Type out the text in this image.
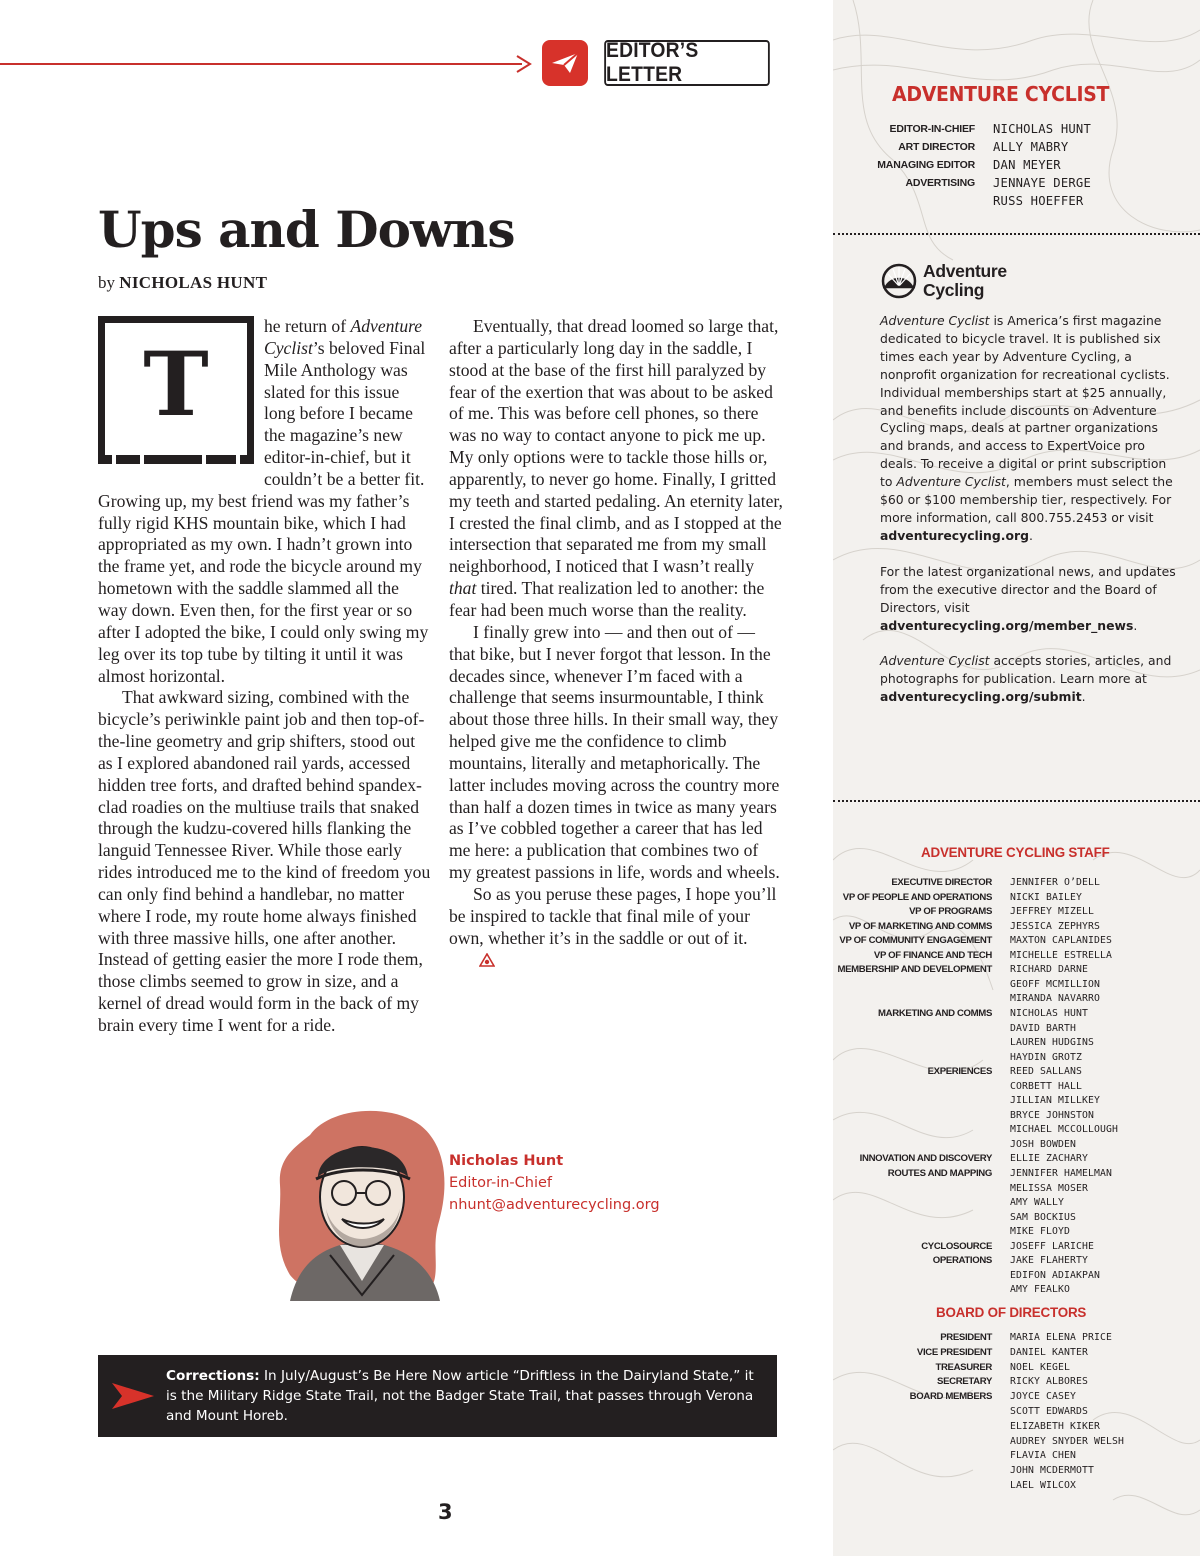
EDITOR’S LETTER
Ups and Downs
by NICHOLAS HUNT
T

he return of Adventure Cyclist’s beloved Final Mile Anthology was slated for this issue long before I became the magazine’s new editor-in-chief, but it couldn’t be a better fit. Growing up, my best friend was my father’s fully rigid KHS mountain bike, which I had appropriated as my own. I hadn’t grown into the frame yet, and rode the bicycle around my hometown with the saddle slammed all the way down. Even then, for the first year or so after I adopted the bike, I could only swing my leg over its top tube by tilting it until it was almost horizontal.

That awkward sizing, combined with the bicycle’s periwinkle paint job and then top-of-the-line geometry and grip shifters, stood out as I explored abandoned rail yards, accessed hidden tree forts, and drafted behind spandex-clad roadies on the multiuse trails that snaked through the kudzu-covered hills flanking the languid Tennessee River. While those early rides introduced me to the kind of freedom you can only find behind a handlebar, no matter where I rode, my route home always finished with three massive hills, one after another. Instead of getting easier the more I rode them, those climbs seemed to grow in size, and a kernel of dread would form in the back of my brain every time I went for a ride.

Eventually, that dread loomed so large that, after a particularly long day in the saddle, I stood at the base of the first hill paralyzed by fear of the exertion that was about to be asked of me. This was before cell phones, so there was no way to contact anyone to pick me up. My only options were to tackle those hills or, apparently, to never go home. Finally, I gritted my teeth and started pedaling. An eternity later, I crested the final climb, and as I stopped at the intersection that separated me from my small neighborhood, I noticed that I wasn’t really that tired. That realization led to another: the fear had been much worse than the reality.

I finally grew into — and then out of — that bike, but I never forgot that lesson. In the decades since, whenever I’m faced with a challenge that seems insurmountable, I think about those three hills. In their small way, they helped give me the confidence to climb mountains, literally and metaphorically. The latter includes moving across the country more than half a dozen times in twice as many years as I’ve cobbled together a career that has led me here: a publication that combines two of my greatest passions in life, words and wheels.

So as you peruse these pages, I hope you’ll be inspired to tackle that final mile of your own, whether it’s in the saddle or out of it.

Nicholas Hunt
Editor-in-Chief
nhunt@adventurecycling.org
Corrections: In July/August’s Be Here Now article “Driftless in the Dairyland State,” it is the Military Ridge State Trail, not the Badger State Trail, that passes through Verona and Mount Horeb.
3
ADVENTURE CYCLIST
EDITOR-IN-CHIEF NICHOLAS HUNT
ART DIRECTOR ALLY MABRY
MANAGING EDITOR DAN MEYER
ADVERTISING JENNAYE DERGE
RUSS HOEFFER
Adventure
Cycling

Adventure Cyclist is America’s first magazine dedicated to bicycle travel. It is published six times each year by Adventure Cycling, a nonprofit organization for recreational cyclists. Individual memberships start at $25 annually, and benefits include discounts on Adventure Cycling maps, deals at partner organizations and brands, and access to ExpertVoice pro deals. To receive a digital or print subscription to Adventure Cyclist, members must select the $60 or $100 membership tier, respectively. For more information, call 800.755.2453 or visit adventurecycling.org.

For the latest organizational news, and updates from the executive director and the Board of Directors, visit adventurecycling.org/member_news.

Adventure Cyclist accepts stories, articles, and photographs for publication. Learn more at adventurecycling.org/submit.

ADVENTURE CYCLING STAFF
EXECUTIVE DIRECTOR JENNIFER O’DELL
VP OF PEOPLE AND OPERATIONS NICKI BAILEY
VP OF PROGRAMS JEFFREY MIZELL
VP OF MARKETING AND COMMS JESSICA ZEPHYRS
VP OF COMMUNITY ENGAGEMENT MAXTON CAPLANIDES
VP OF FINANCE AND TECH MICHELLE ESTRELLA
MEMBERSHIP AND DEVELOPMENT RICHARD DARNE
GEOFF MCMILLION
MIRANDA NAVARRO
MARKETING AND COMMS NICHOLAS HUNT
DAVID BARTH
LAUREN HUDGINS
HAYDIN GROTZ
EXPERIENCES REED SALLANS
CORBETT HALL
JILLIAN MILLKEY
BRYCE JOHNSTON
MICHAEL MCCOLLOUGH
JOSH BOWDEN
INNOVATION AND DISCOVERY ELLIE ZACHARY
ROUTES AND MAPPING JENNIFER HAMELMAN
MELISSA MOSER
AMY WALLY
SAM BOCKIUS
MIKE FLOYD
CYCLOSOURCE JOSEFF LARICHE
OPERATIONS JAKE FLAHERTY
EDIFON ADIAKPAN
AMY FEALKO
BOARD OF DIRECTORS
PRESIDENT MARIA ELENA PRICE
VICE PRESIDENT DANIEL KANTER
TREASURER NOEL KEGEL
SECRETARY RICKY ALBORES
BOARD MEMBERS JOYCE CASEY
SCOTT EDWARDS
ELIZABETH KIKER
AUDREY SNYDER WELSH
FLAVIA CHEN
JOHN MCDERMOTT
LAEL WILCOX
